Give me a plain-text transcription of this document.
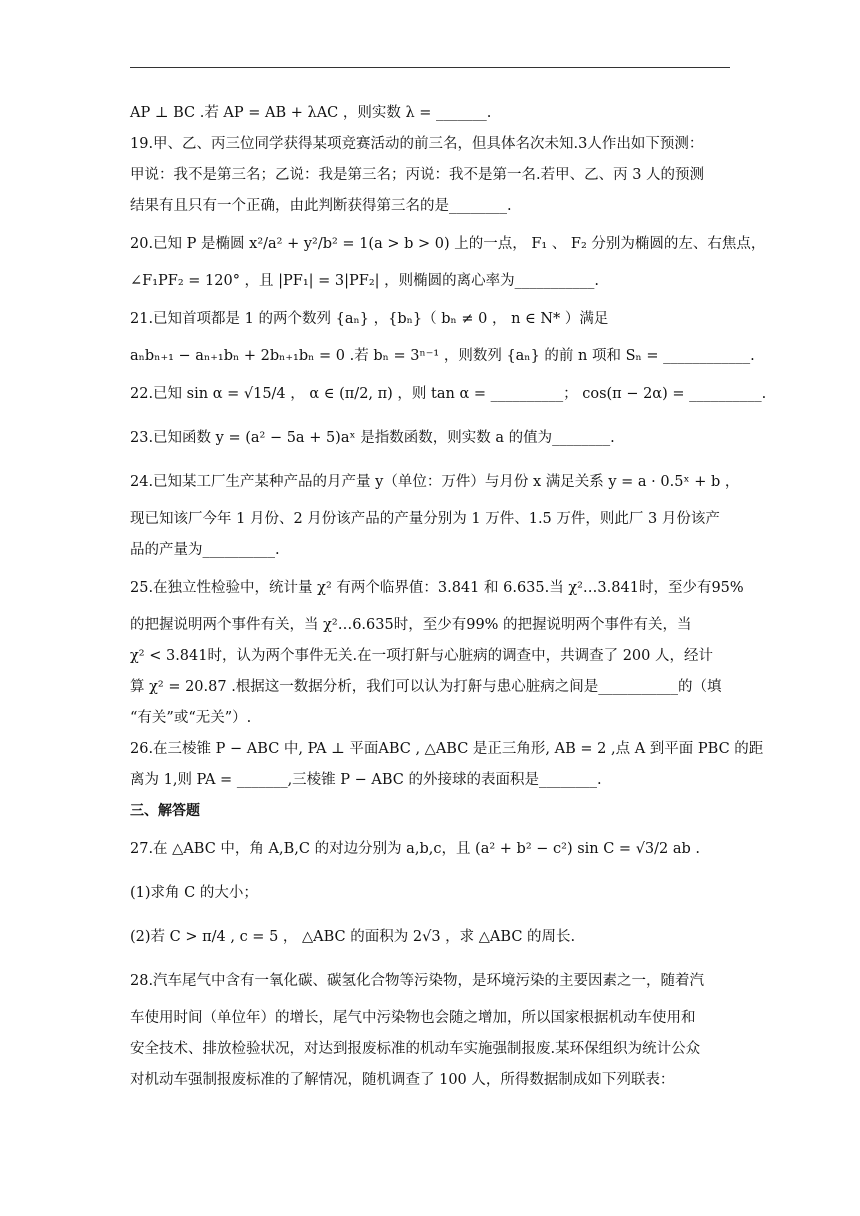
AP ⊥ BC .若 AP = AB + λAC ，则实数 λ = _______.
19.甲、乙、丙三位同学获得某项竞赛活动的前三名，但具体名次未知.3人作出如下预测：
甲说：我不是第三名；乙说：我是第三名；丙说：我不是第一名.若甲、乙、丙 3 人的预测
结果有且只有一个正确，由此判断获得第三名的是________.
20.已知 P 是椭圆 x²/a² + y²/b² = 1(a > b > 0) 上的一点， F₁ 、 F₂ 分别为椭圆的左、右焦点，
∠F₁PF₂ = 120° ，且 |PF₁| = 3|PF₂| ，则椭圆的离心率为___________.
21.已知首项都是 1 的两个数列 {aₙ} ，{bₙ}（ bₙ ≠ 0 ， n ∈ N* ）满足
aₙbₙ₊₁ − aₙ₊₁bₙ + 2bₙ₊₁bₙ = 0 .若 bₙ = 3ⁿ⁻¹ ，则数列 {aₙ} 的前 n 项和 Sₙ = ____________.
22.已知 sin α = √15/4 ， α ∈ (π/2, π) ，则 tan α = __________； cos(π − 2α) = __________.
23.已知函数 y = (a² − 5a + 5)aˣ 是指数函数，则实数 a 的值为________.
24.已知某工厂生产某种产品的月产量 y（单位：万件）与月份 x 满足关系 y = a · 0.5ˣ + b ，
现已知该厂今年 1 月份、2 月份该产品的产量分别为 1 万件、1.5 万件，则此厂 3 月份该产
品的产量为__________.
25.在独立性检验中，统计量 χ² 有两个临界值：3.841 和 6.635.当 χ²…3.841时，至少有95%
的把握说明两个事件有关，当 χ²…6.635时，至少有99% 的把握说明两个事件有关，当
χ² < 3.841时，认为两个事件无关.在一项打鼾与心脏病的调查中，共调查了 200 人，经计
算 χ² = 20.87 .根据这一数据分析，我们可以认为打鼾与患心脏病之间是___________的（填
“有关”或“无关”）.
26.在三棱锥 P − ABC 中, PA ⊥ 平面ABC , △ABC 是正三角形, AB = 2 ,点 A 到平面 PBC 的距
离为 1,则 PA = _______,三棱锥 P − ABC 的外接球的表面积是________.
三、解答题
27.在 △ABC 中，角 A,B,C 的对边分别为 a,b,c，且 (a² + b² − c²) sin C = √3/2 ab .
(1)求角 C 的大小；
(2)若 C > π/4 , c = 5 ， △ABC 的面积为 2√3 ，求 △ABC 的周长.
28.汽车尾气中含有一氧化碳、碳氢化合物等污染物，是环境污染的主要因素之一，随着汽
车使用时间（单位年）的增长，尾气中污染物也会随之增加，所以国家根据机动车使用和
安全技术、排放检验状况，对达到报废标准的机动车实施强制报废.某环保组织为统计公众
对机动车强制报废标准的了解情况，随机调查了 100 人，所得数据制成如下列联表：
